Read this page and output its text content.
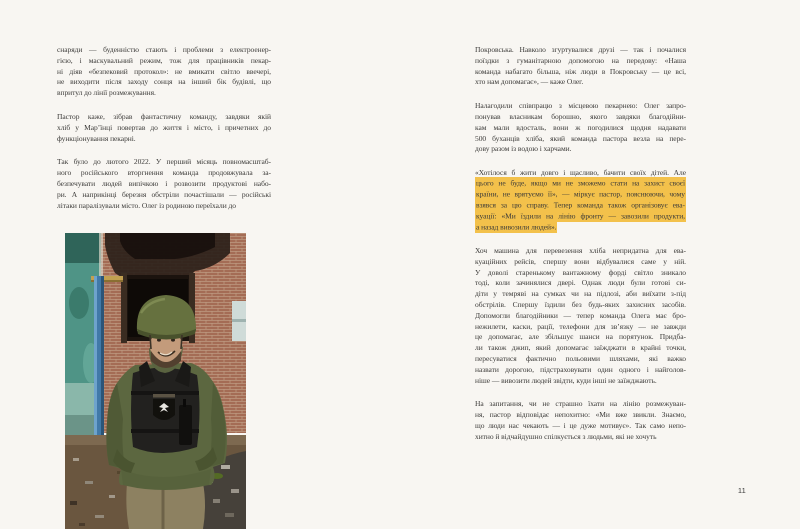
снаряди — буденністю стають і проблеми з електроенер-
гією, і маскувальний режим, тож для працівників пекар-
ні діяв «безпековий протокол»: не вмикати світло ввечері,
не виходити після заходу сонця на інший бік будівлі, що
впритул до лінії розмежування.

Пастор каже, зібрав фантастичну команду, завдяки якій
хліб у Мар’їнці повертав до життя і місто, і причетних до
функціонування пекарні.

Так було до лютого 2022. У перший місяць повномасштаб-
ного російського вторгнення команда продовжувала за-
безпечувати людей випічкою і розвозити продуктові набо-
ри. А наприкінці березня обстріли почастішали — російські
літаки паралізували місто. Олег із родиною переїхали до

Покровська. Навколо згуртувалися друзі — так і почалися
поїздки з гуманітарною допомогою на передову: «Наша
команда набагато більша, ніж люди в Покровську — це всі,
хто нам допомагає», — каже Олег.

Налагодили співпрацю з місцевою пекарнею: Олег запро-
понував власникам борошно, якого завдяки благодійни-
кам мали вдосталь, вони ж погодилися щодня надавати
500 буханців хліба, який команда пастора везла на пере-
дову разом із водою і харчами.

«Хотілося б жити довго і щасливо, бачити своїх дітей. Але
цього не буде, якщо ми не зможемо стати на захист своєї
країни, не врятуємо її», — міркує пастор, пояснюючи, чому
взявся за цю справу. Тепер команда також організовує ева-
куації: «Ми їздили на лінію фронту — завозили продукти,
а назад вивозили людей».

Хоч машина для перевезення хліба непридатна для ева-
куаційних рейсів, спершу вони відбувалися саме у ній.
У доволі старенькому вантажному форді світло зникало
тоді, коли зачинялися двері. Однак люди були готові си-
діти у темряві на сумках чи на підлозі, аби виїхати з-під
обстрілів. Спершу їздили без будь-яких захисних засобів.
Допомогли благодійники — тепер команда Олега має бро-
нежилети, каски, рації, телефони для зв’язку — не завжди
це допомагає, але збільшує шанси на порятунок. Придба-
ли також джип, який допомагає заїжджати в крайні точки,
пересуватися фактично польовими шляхами, які важко
назвати дорогою, підстраховувати один одного і найголов-
ніше — вивозити людей звідти, куди інші не заїжджають.

На запитання, чи не страшно їхати на лінію розмежуван-
ня, пастор відповідає непохитно: «Ми вже звикли. Знаємо,
що люди нас чекають — і це дуже мотивує». Так само непо-
хитно й відчайдушно спілкується з людьми, які не хочуть

11
